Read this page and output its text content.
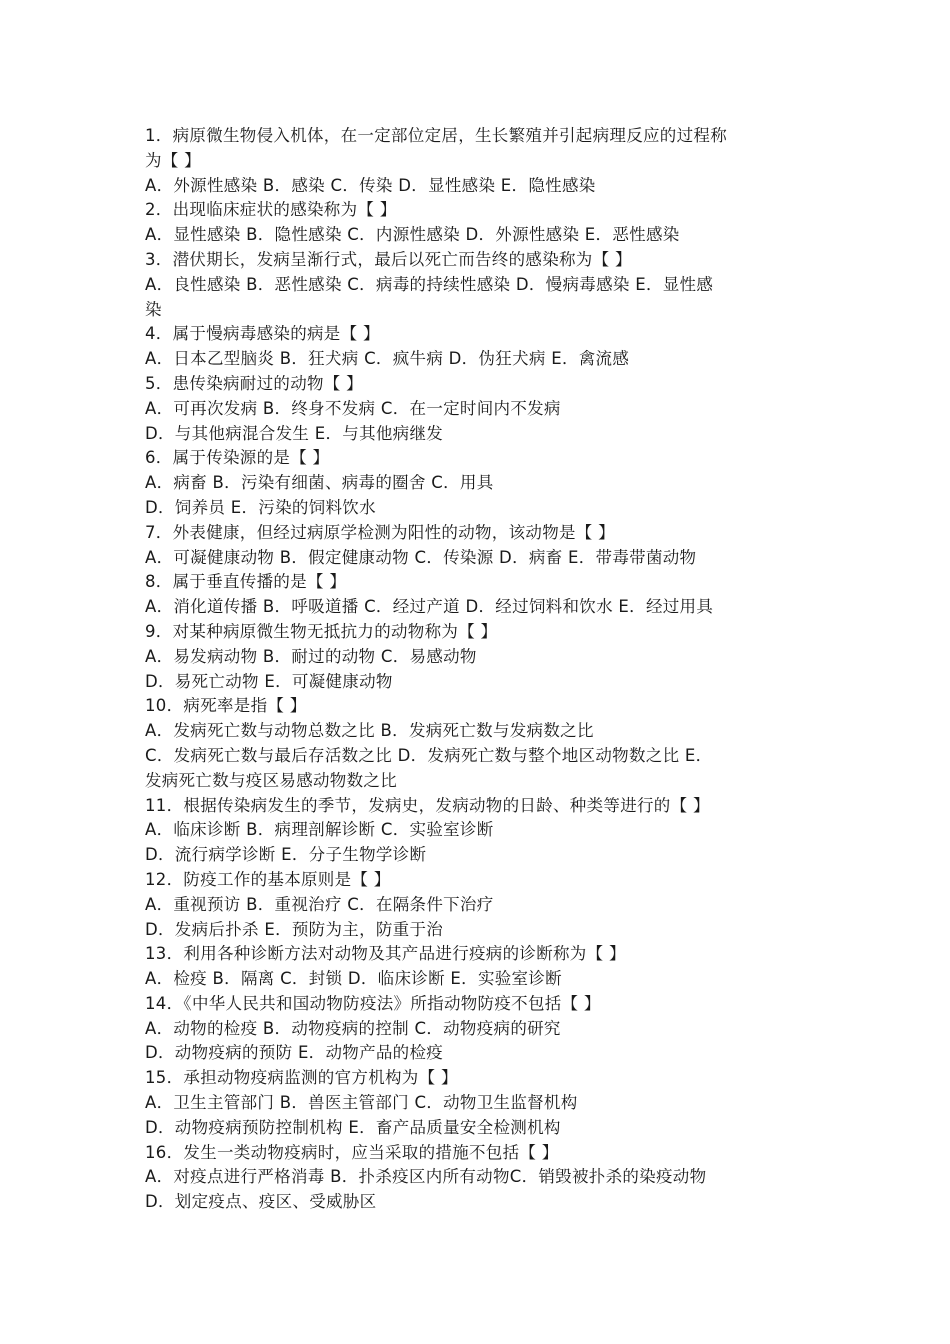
1．病原微生物侵入机体，在一定部位定居，生长繁殖并引起病理反应的过程称
为【 】
A．外源性感染 B．感染 C．传染 D．显性感染 E．隐性感染
2．出现临床症状的感染称为【 】
A．显性感染 B．隐性感染 C．内源性感染 D．外源性感染 E．恶性感染
3．潜伏期长，发病呈渐行式，最后以死亡而告终的感染称为【 】
A．良性感染 B．恶性感染 C．病毒的持续性感染 D．慢病毒感染 E．显性感
染
4．属于慢病毒感染的病是【 】
A．日本乙型脑炎 B．狂犬病 C．疯牛病 D．伪狂犬病 E．禽流感
5．患传染病耐过的动物【 】
A．可再次发病 B．终身不发病 C．在一定时间内不发病
D．与其他病混合发生 E．与其他病继发
6．属于传染源的是【 】
A．病畜 B．污染有细菌、病毒的圈舍 C．用具
D．饲养员 E．污染的饲料饮水
7．外表健康，但经过病原学检测为阳性的动物，该动物是【 】
A．可凝健康动物 B．假定健康动物 C．传染源 D．病畜 E．带毒带菌动物
8．属于垂直传播的是【 】
A．消化道传播 B．呼吸道播 C．经过产道 D．经过饲料和饮水 E．经过用具
9．对某种病原微生物无抵抗力的动物称为【 】
A．易发病动物 B．耐过的动物 C．易感动物
D．易死亡动物 E．可凝健康动物
10．病死率是指【 】
A．发病死亡数与动物总数之比 B．发病死亡数与发病数之比
C．发病死亡数与最后存活数之比 D．发病死亡数与整个地区动物数之比 E．
发病死亡数与疫区易感动物数之比
11．根据传染病发生的季节，发病史，发病动物的日龄、种类等进行的【 】
A．临床诊断 B．病理剖解诊断 C．实验室诊断
D．流行病学诊断 E．分子生物学诊断
12．防疫工作的基本原则是【 】
A．重视预访 B．重视治疗 C．在隔条件下治疗
D．发病后扑杀 E．预防为主，防重于治
13．利用各种诊断方法对动物及其产品进行疫病的诊断称为【 】
A．检疫 B．隔离 C．封锁 D．临床诊断 E．实验室诊断
14．《中华人民共和国动物防疫法》所指动物防疫不包括【 】
A．动物的检疫 B．动物疫病的控制 C．动物疫病的研究
D．动物疫病的预防 E．动物产品的检疫
15．承担动物疫病监测的官方机构为【 】
A．卫生主管部门 B．兽医主管部门 C．动物卫生监督机构
D．动物疫病预防控制机构 E．畜产品质量安全检测机构
16．发生一类动物疫病时，应当采取的措施不包括【 】
A．对疫点进行严格消毒 B．扑杀疫区内所有动物C．销毁被扑杀的染疫动物
D．划定疫点、疫区、受威胁区
